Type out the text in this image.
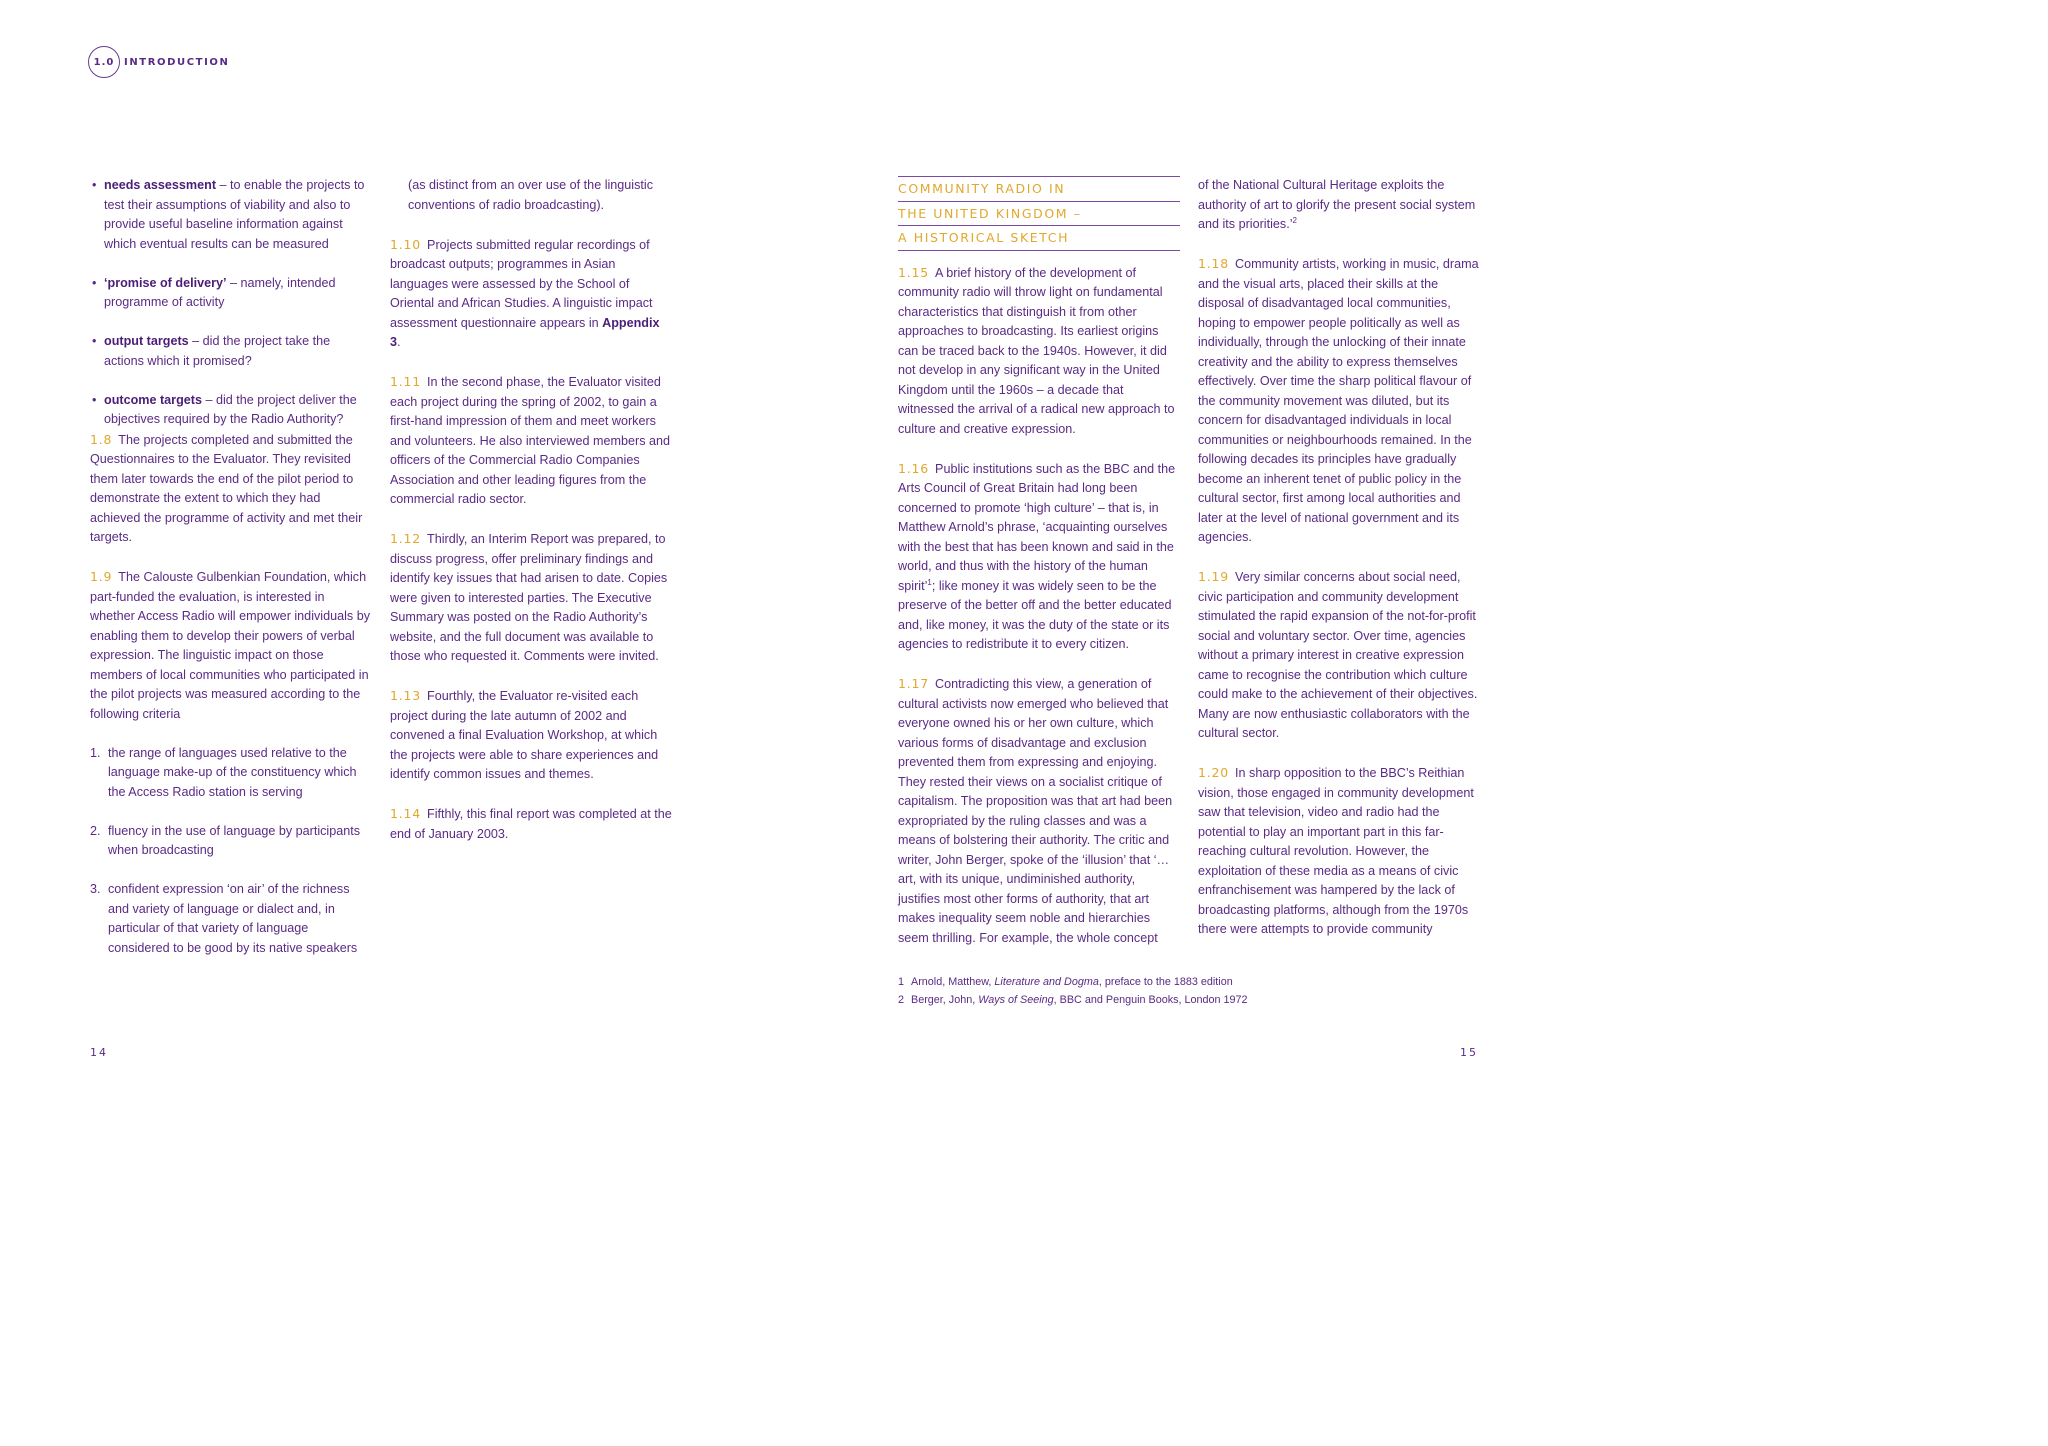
1.0 INTRODUCTION

• needs assessment – to enable the projects to test their assumptions of viability and also to provide useful baseline information against which eventual results can be measured

• ‘promise of delivery’ – namely, intended programme of activity

• output targets – did the project take the actions which it promised?

• outcome targets – did the project deliver the objectives required by the Radio Authority?

1.8 The projects completed and submitted the Questionnaires to the Evaluator. They revisited them later towards the end of the pilot period to demonstrate the extent to which they had achieved the programme of activity and met their targets.

1.9 The Calouste Gulbenkian Foundation, which part-funded the evaluation, is interested in whether Access Radio will empower individuals by enabling them to develop their powers of verbal expression. The linguistic impact on those members of local communities who participated in the pilot projects was measured according to the following criteria

1. the range of languages used relative to the language make-up of the constituency which the Access Radio station is serving

2. fluency in the use of language by participants when broadcasting

3. confident expression ‘on air’ of the richness and variety of language or dialect and, in particular of that variety of language considered to be good by its native speakers

(as distinct from an over use of the linguistic conventions of radio broadcasting).

1.10 Projects submitted regular recordings of broadcast outputs; programmes in Asian languages were assessed by the School of Oriental and African Studies. A linguistic impact assessment questionnaire appears in Appendix 3.

1.11 In the second phase, the Evaluator visited each project during the spring of 2002, to gain a first-hand impression of them and meet workers and volunteers. He also interviewed members and officers of the Commercial Radio Companies Association and other leading figures from the commercial radio sector.

1.12 Thirdly, an Interim Report was prepared, to discuss progress, offer preliminary findings and identify key issues that had arisen to date. Copies were given to interested parties. The Executive Summary was posted on the Radio Authority’s website, and the full document was available to those who requested it. Comments were invited.

1.13 Fourthly, the Evaluator re-visited each project during the late autumn of 2002 and convened a final Evaluation Workshop, at which the projects were able to share experiences and identify common issues and themes.

1.14 Fifthly, this final report was completed at the end of January 2003.

14
COMMUNITY RADIO IN
THE UNITED KINGDOM –
A HISTORICAL SKETCH

1.15 A brief history of the development of community radio will throw light on fundamental characteristics that distinguish it from other approaches to broadcasting. Its earliest origins can be traced back to the 1940s. However, it did not develop in any significant way in the United Kingdom until the 1960s – a decade that witnessed the arrival of a radical new approach to culture and creative expression.

1.16 Public institutions such as the BBC and the Arts Council of Great Britain had long been concerned to promote ‘high culture’ – that is, in Matthew Arnold’s phrase, ‘acquainting ourselves with the best that has been known and said in the world, and thus with the history of the human spirit’$^1$; like money it was widely seen to be the preserve of the better off and the better educated and, like money, it was the duty of the state or its agencies to redistribute it to every citizen.

1.17 Contradicting this view, a generation of cultural activists now emerged who believed that everyone owned his or her own culture, which various forms of disadvantage and exclusion prevented them from expressing and enjoying. They rested their views on a socialist critique of capitalism. The proposition was that art had been expropriated by the ruling classes and was a means of bolstering their authority. The critic and writer, John Berger, spoke of the ‘illusion’ that ‘… art, with its unique, undiminished authority, justifies most other forms of authority, that art makes inequality seem noble and hierarchies seem thrilling. For example, the whole concept

of the National Cultural Heritage exploits the authority of art to glorify the present social system and its priorities.’$^2$

1.18 Community artists, working in music, drama and the visual arts, placed their skills at the disposal of disadvantaged local communities, hoping to empower people politically as well as individually, through the unlocking of their innate creativity and the ability to express themselves effectively. Over time the sharp political flavour of the community movement was diluted, but its concern for disadvantaged individuals in local communities or neighbourhoods remained. In the following decades its principles have gradually become an inherent tenet of public policy in the cultural sector, first among local authorities and later at the level of national government and its agencies.

1.19 Very similar concerns about social need, civic participation and community development stimulated the rapid expansion of the not-for-profit social and voluntary sector. Over time, agencies without a primary interest in creative expression came to recognise the contribution which culture could make to the achievement of their objectives. Many are now enthusiastic collaborators with the cultural sector.

1.20 In sharp opposition to the BBC’s Reithian vision, those engaged in community development saw that television, video and radio had the potential to play an important part in this far-reaching cultural revolution. However, the exploitation of these media as a means of civic enfranchisement was hampered by the lack of broadcasting platforms, although from the 1970s there were attempts to provide community

1 Arnold, Matthew, Literature and Dogma, preface to the 1883 edition

2 Berger, John, Ways of Seeing, BBC and Penguin Books, London 1972

15
